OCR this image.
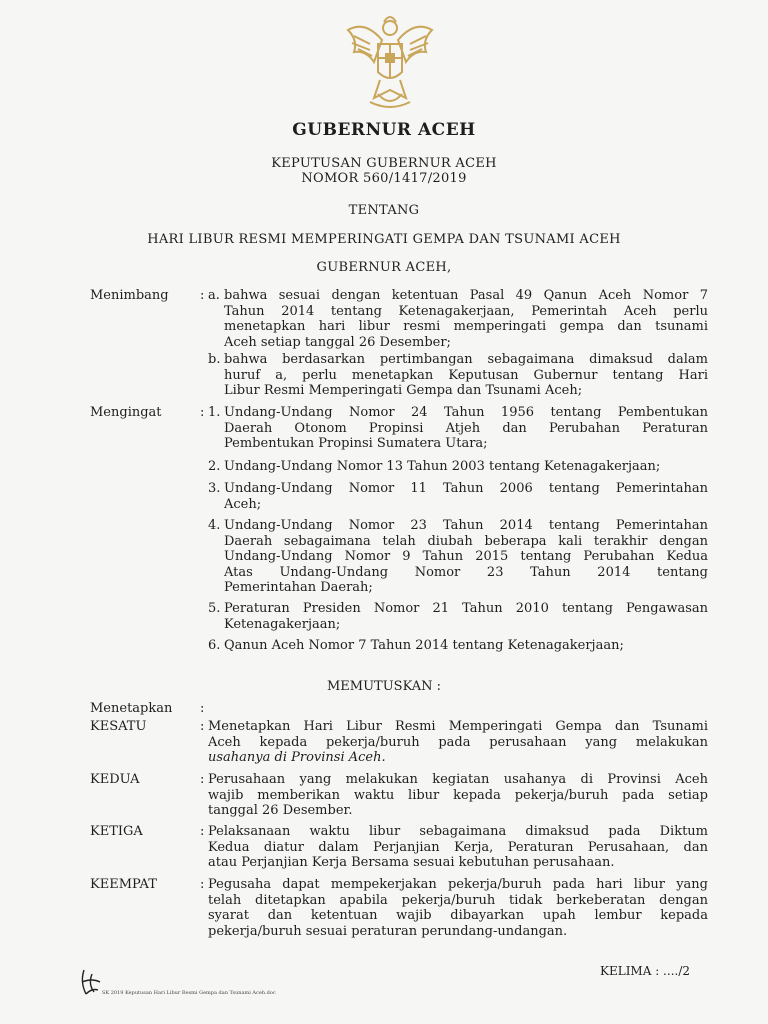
GUBERNUR ACEH
KEPUTUSAN GUBERNUR ACEH
NOMOR 560/1417/2019
TENTANG
HARI LIBUR RESMI MEMPERINGATI GEMPA DAN TSUNAMI ACEH
GUBERNUR ACEH,
Menimbang : a. bahwa sesuai dengan ketentuan Pasal 49 Qanun Aceh Nomor 7
Tahun 2014 tentang Ketenagakerjaan, Pemerintah Aceh perlu
menetapkan hari libur resmi memperingati gempa dan tsunami
Aceh setiap tanggal 26 Desember;
b. bahwa berdasarkan pertimbangan sebagaimana dimaksud dalam
huruf a, perlu menetapkan Keputusan Gubernur tentang Hari
Libur Resmi Memperingati Gempa dan Tsunami Aceh;
Mengingat	: 1. Undang-Undang Nomor 24 Tahun 1956 tentang Pembentukan
Daerah Otonom Propinsi Atjeh dan Perubahan Peraturan
Pembentukan Propinsi Sumatera Utara;
2. Undang-Undang Nomor 13 Tahun 2003 tentang Ketenagakerjaan;
3. Undang-Undang Nomor 11 Tahun 2006 tentang Pemerintahan
Aceh;
4. Undang-Undang Nomor 23 Tahun 2014 tentang Pemerintahan
Daerah sebagaimana telah diubah beberapa kali terakhir dengan
Undang-Undang Nomor 9 Tahun 2015 tentang Perubahan Kedua
Atas Undang-Undang Nomor 23 Tahun 2014 tentang
Pemerintahan Daerah;
5. Peraturan Presiden Nomor 21 Tahun 2010 tentang Pengawasan
Ketenagakerjaan;
6. Qanun Aceh Nomor 7 Tahun 2014 tentang Ketenagakerjaan;
MEMUTUSKAN :
Menetapkan :
KESATU	: Menetapkan Hari Libur Resmi Memperingati Gempa dan Tsunami
Aceh kepada pekerja/buruh pada perusahaan yang melakukan
usahanya di Provinsi Aceh.
KEDUA	: Perusahaan yang melakukan kegiatan usahanya di Provinsi Aceh
wajib memberikan waktu libur kepada pekerja/buruh pada setiap
tanggal 26 Desember.
KETIGA	: Pelaksanaan waktu libur sebagaimana dimaksud pada Diktum
Kedua diatur dalam Perjanjian Kerja, Peraturan Perusahaan, dan
atau Perjanjian Kerja Bersama sesuai kebutuhan perusahaan.
KEEMPAT	: Pegusaha dapat mempekerjakan pekerja/buruh pada hari libur yang
telah ditetapkan apabila pekerja/buruh tidak berkeberatan dengan
syarat dan ketentuan wajib dibayarkan upah lembur kepada
pekerja/buruh sesuai peraturan perundang-undangan.
KELIMA : ..../2
SK 2019 Keputusan Hari Libur Resmi Gempa dan Tsunami Aceh.doc
